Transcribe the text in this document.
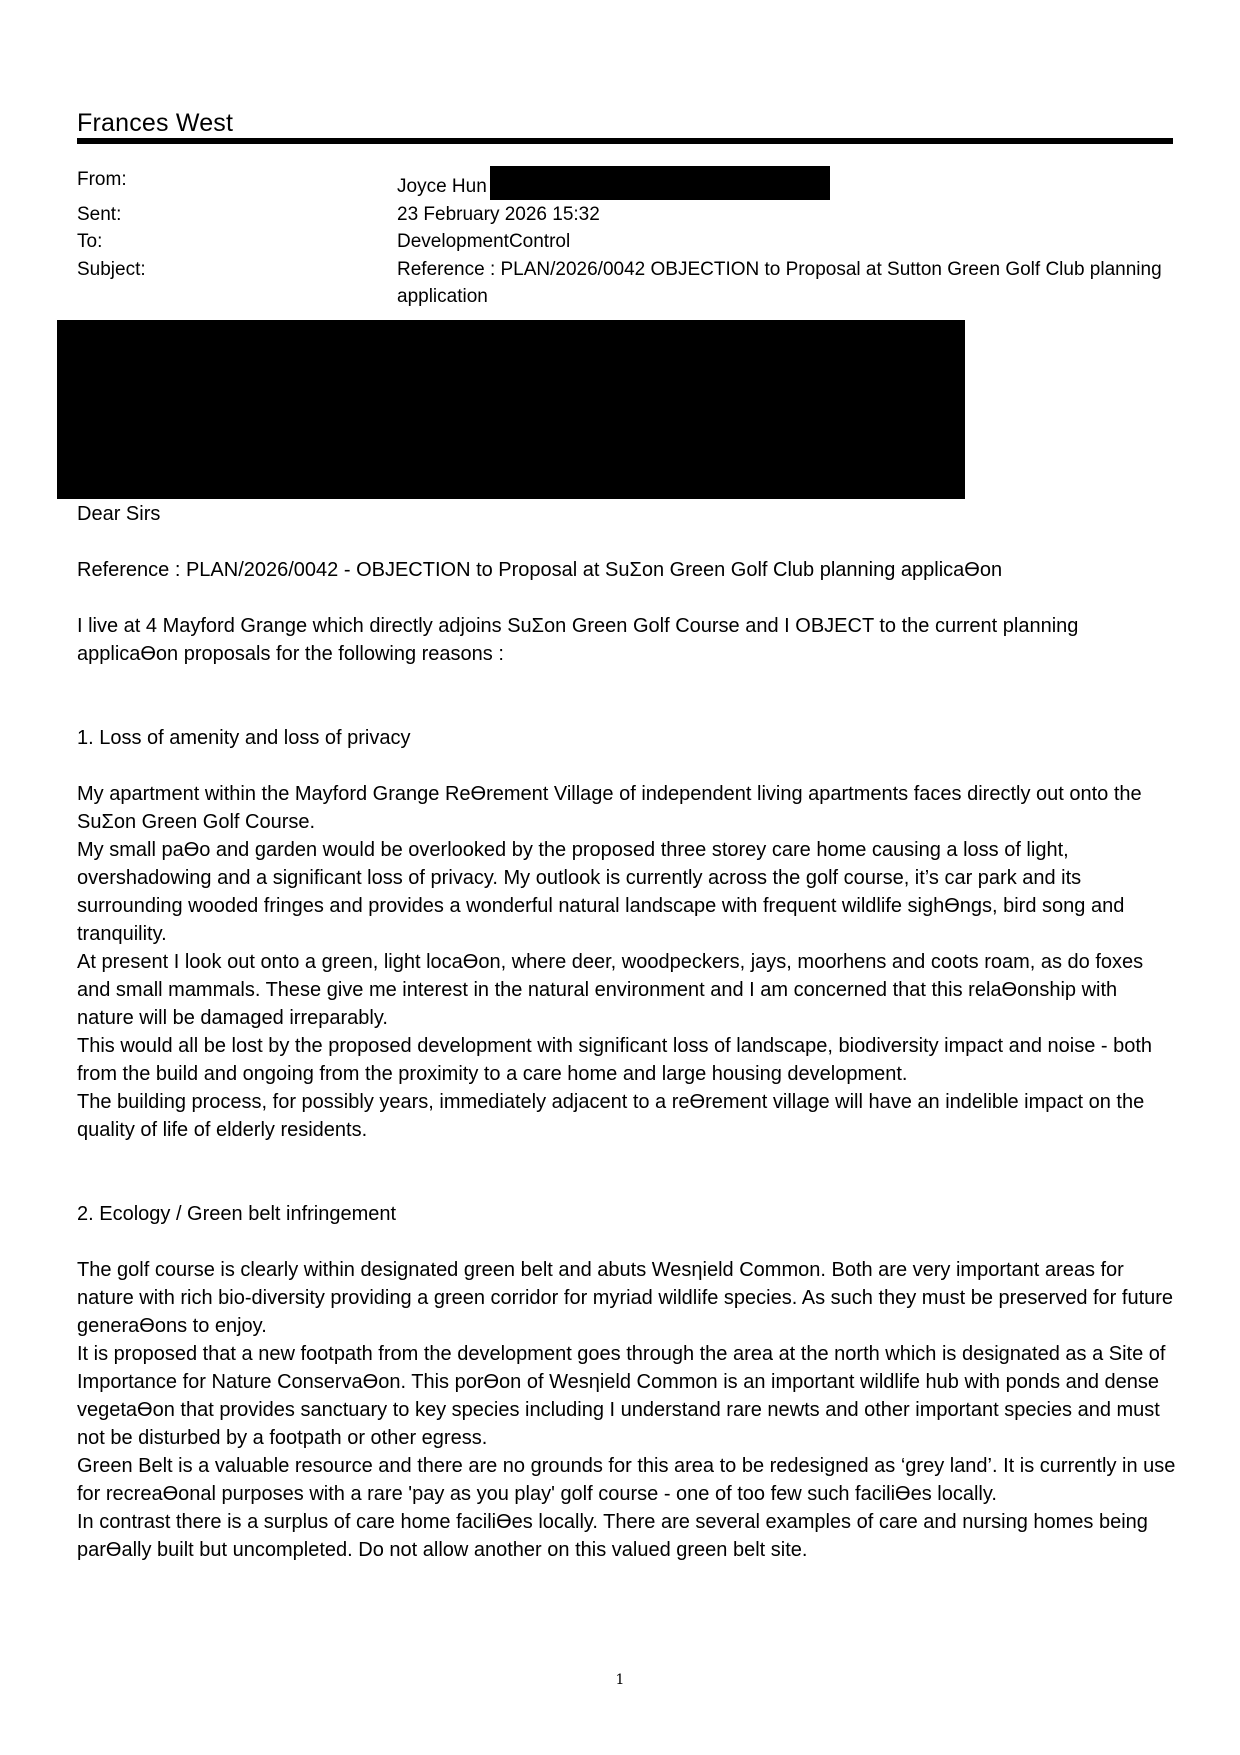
Frances West
From:	Joyce Hun
Sent:	23 February 2026 15:32
To:	DevelopmentControl
Subject:	Reference : PLAN/2026/0042 OBJECTION to Proposal at Sutton Green Golf Club planning application

Dear Sirs

Reference : PLAN/2026/0042 - OBJECTION to Proposal at SuΣon Green Golf Club planning applicaƟon

I live at 4 Mayford Grange which directly adjoins SuΣon Green Golf Course and I OBJECT to the current planning applicaƟon proposals for the following reasons :

1. Loss of amenity and loss of privacy

My apartment within the Mayford Grange ReƟrement Village of independent living apartments faces directly out onto the SuΣon Green Golf Course.

My small paƟo and garden would be overlooked by the proposed three storey care home causing a loss of light, overshadowing and a significant loss of privacy. My outlook is currently across the golf course, it’s car park and its surrounding wooded fringes and provides a wonderful natural landscape with frequent wildlife sighƟngs, bird song and tranquility.

At present I look out onto a green, light locaƟon, where deer, woodpeckers, jays, moorhens and coots roam, as do foxes and small mammals. These give me interest in the natural environment and I am concerned that this relaƟonship with nature will be damaged irreparably.

This would all be lost by the proposed development with significant loss of landscape, biodiversity impact and noise - both from the build and ongoing from the proximity to a care home and large housing development.

The building process, for possibly years, immediately adjacent to a reƟrement village will have an indelible impact on the quality of life of elderly residents.

2. Ecology / Green belt infringement

The golf course is clearly within designated green belt and abuts Wesƞield Common. Both are very important areas for nature with rich bio-diversity providing a green corridor for myriad wildlife species. As such they must be preserved for future generaƟons to enjoy.

It is proposed that a new footpath from the development goes through the area at the north which is designated as a Site of Importance for Nature ConservaƟon. This porƟon of Wesƞield Common is an important wildlife hub with ponds and dense vegetaƟon that provides sanctuary to key species including I understand rare newts and other important species and must not be disturbed by a footpath or other egress.

Green Belt is a valuable resource and there are no grounds for this area to be redesigned as ‘grey land’. It is currently in use for recreaƟonal purposes with a rare 'pay as you play' golf course - one of too few such faciliƟes locally.

In contrast there is a surplus of care home faciliƟes locally. There are several examples of care and nursing homes being parƟally built but uncompleted. Do not allow another on this valued green belt site.

1
